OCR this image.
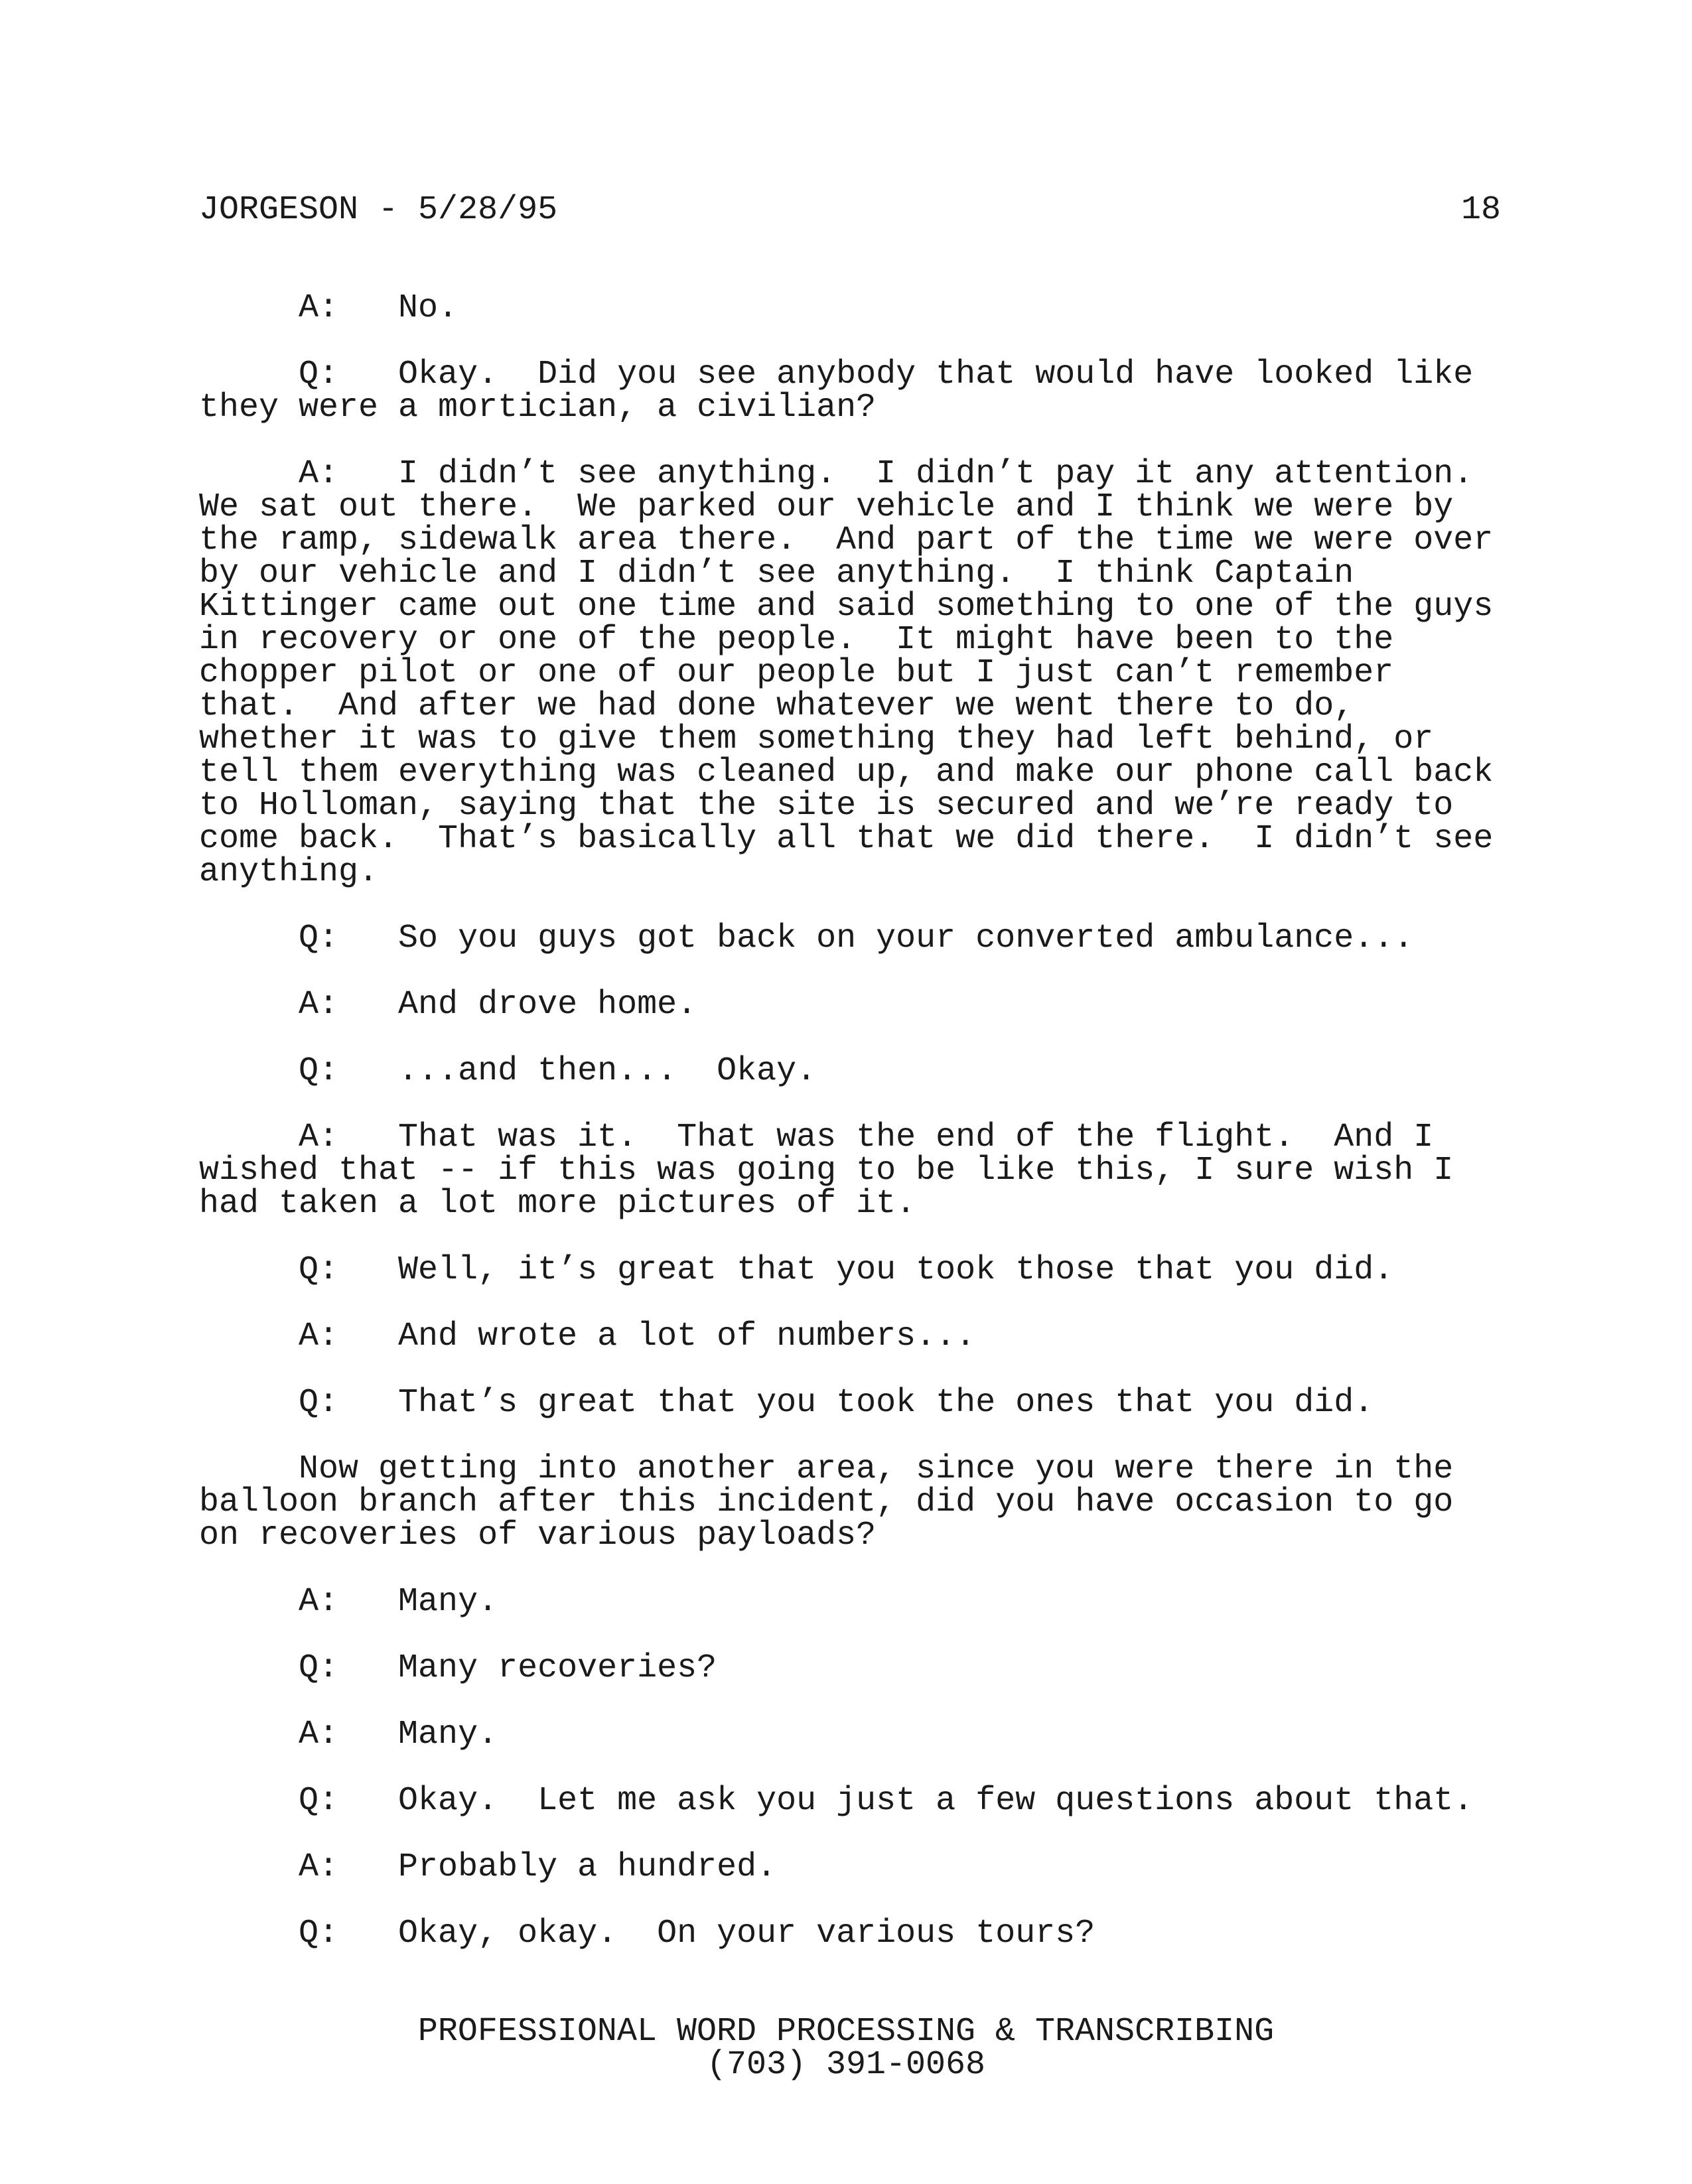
JORGESON - 5/28/95	18
A:   No.
Q:   Okay.  Did you see anybody that would have looked like
they were a mortician, a civilian?
A:   I didn’t see anything.  I didn’t pay it any attention.
We sat out there.  We parked our vehicle and I think we were by
the ramp, sidewalk area there.  And part of the time we were over
by our vehicle and I didn’t see anything.  I think Captain
Kittinger came out one time and said something to one of the guys
in recovery or one of the people.  It might have been to the
chopper pilot or one of our people but I just can’t remember
that.  And after we had done whatever we went there to do,
whether it was to give them something they had left behind, or
tell them everything was cleaned up, and make our phone call back
to Holloman, saying that the site is secured and we’re ready to
come back.  That’s basically all that we did there.  I didn’t see
anything.
Q:   So you guys got back on your converted ambulance...
A:   And drove home.
Q:   ...and then...  Okay.
A:   That was it.  That was the end of the flight.  And I
wished that -- if this was going to be like this, I sure wish I
had taken a lot more pictures of it.
Q:   Well, it’s great that you took those that you did.
A:   And wrote a lot of numbers...
Q:   That’s great that you took the ones that you did.
Now getting into another area, since you were there in the
balloon branch after this incident, did you have occasion to go
on recoveries of various payloads?
A:   Many.
Q:   Many recoveries?
A:   Many.
Q:   Okay.  Let me ask you just a few questions about that.
A:   Probably a hundred.
Q:   Okay, okay.  On your various tours?
PROFESSIONAL WORD PROCESSING & TRANSCRIBING
(703) 391-0068
